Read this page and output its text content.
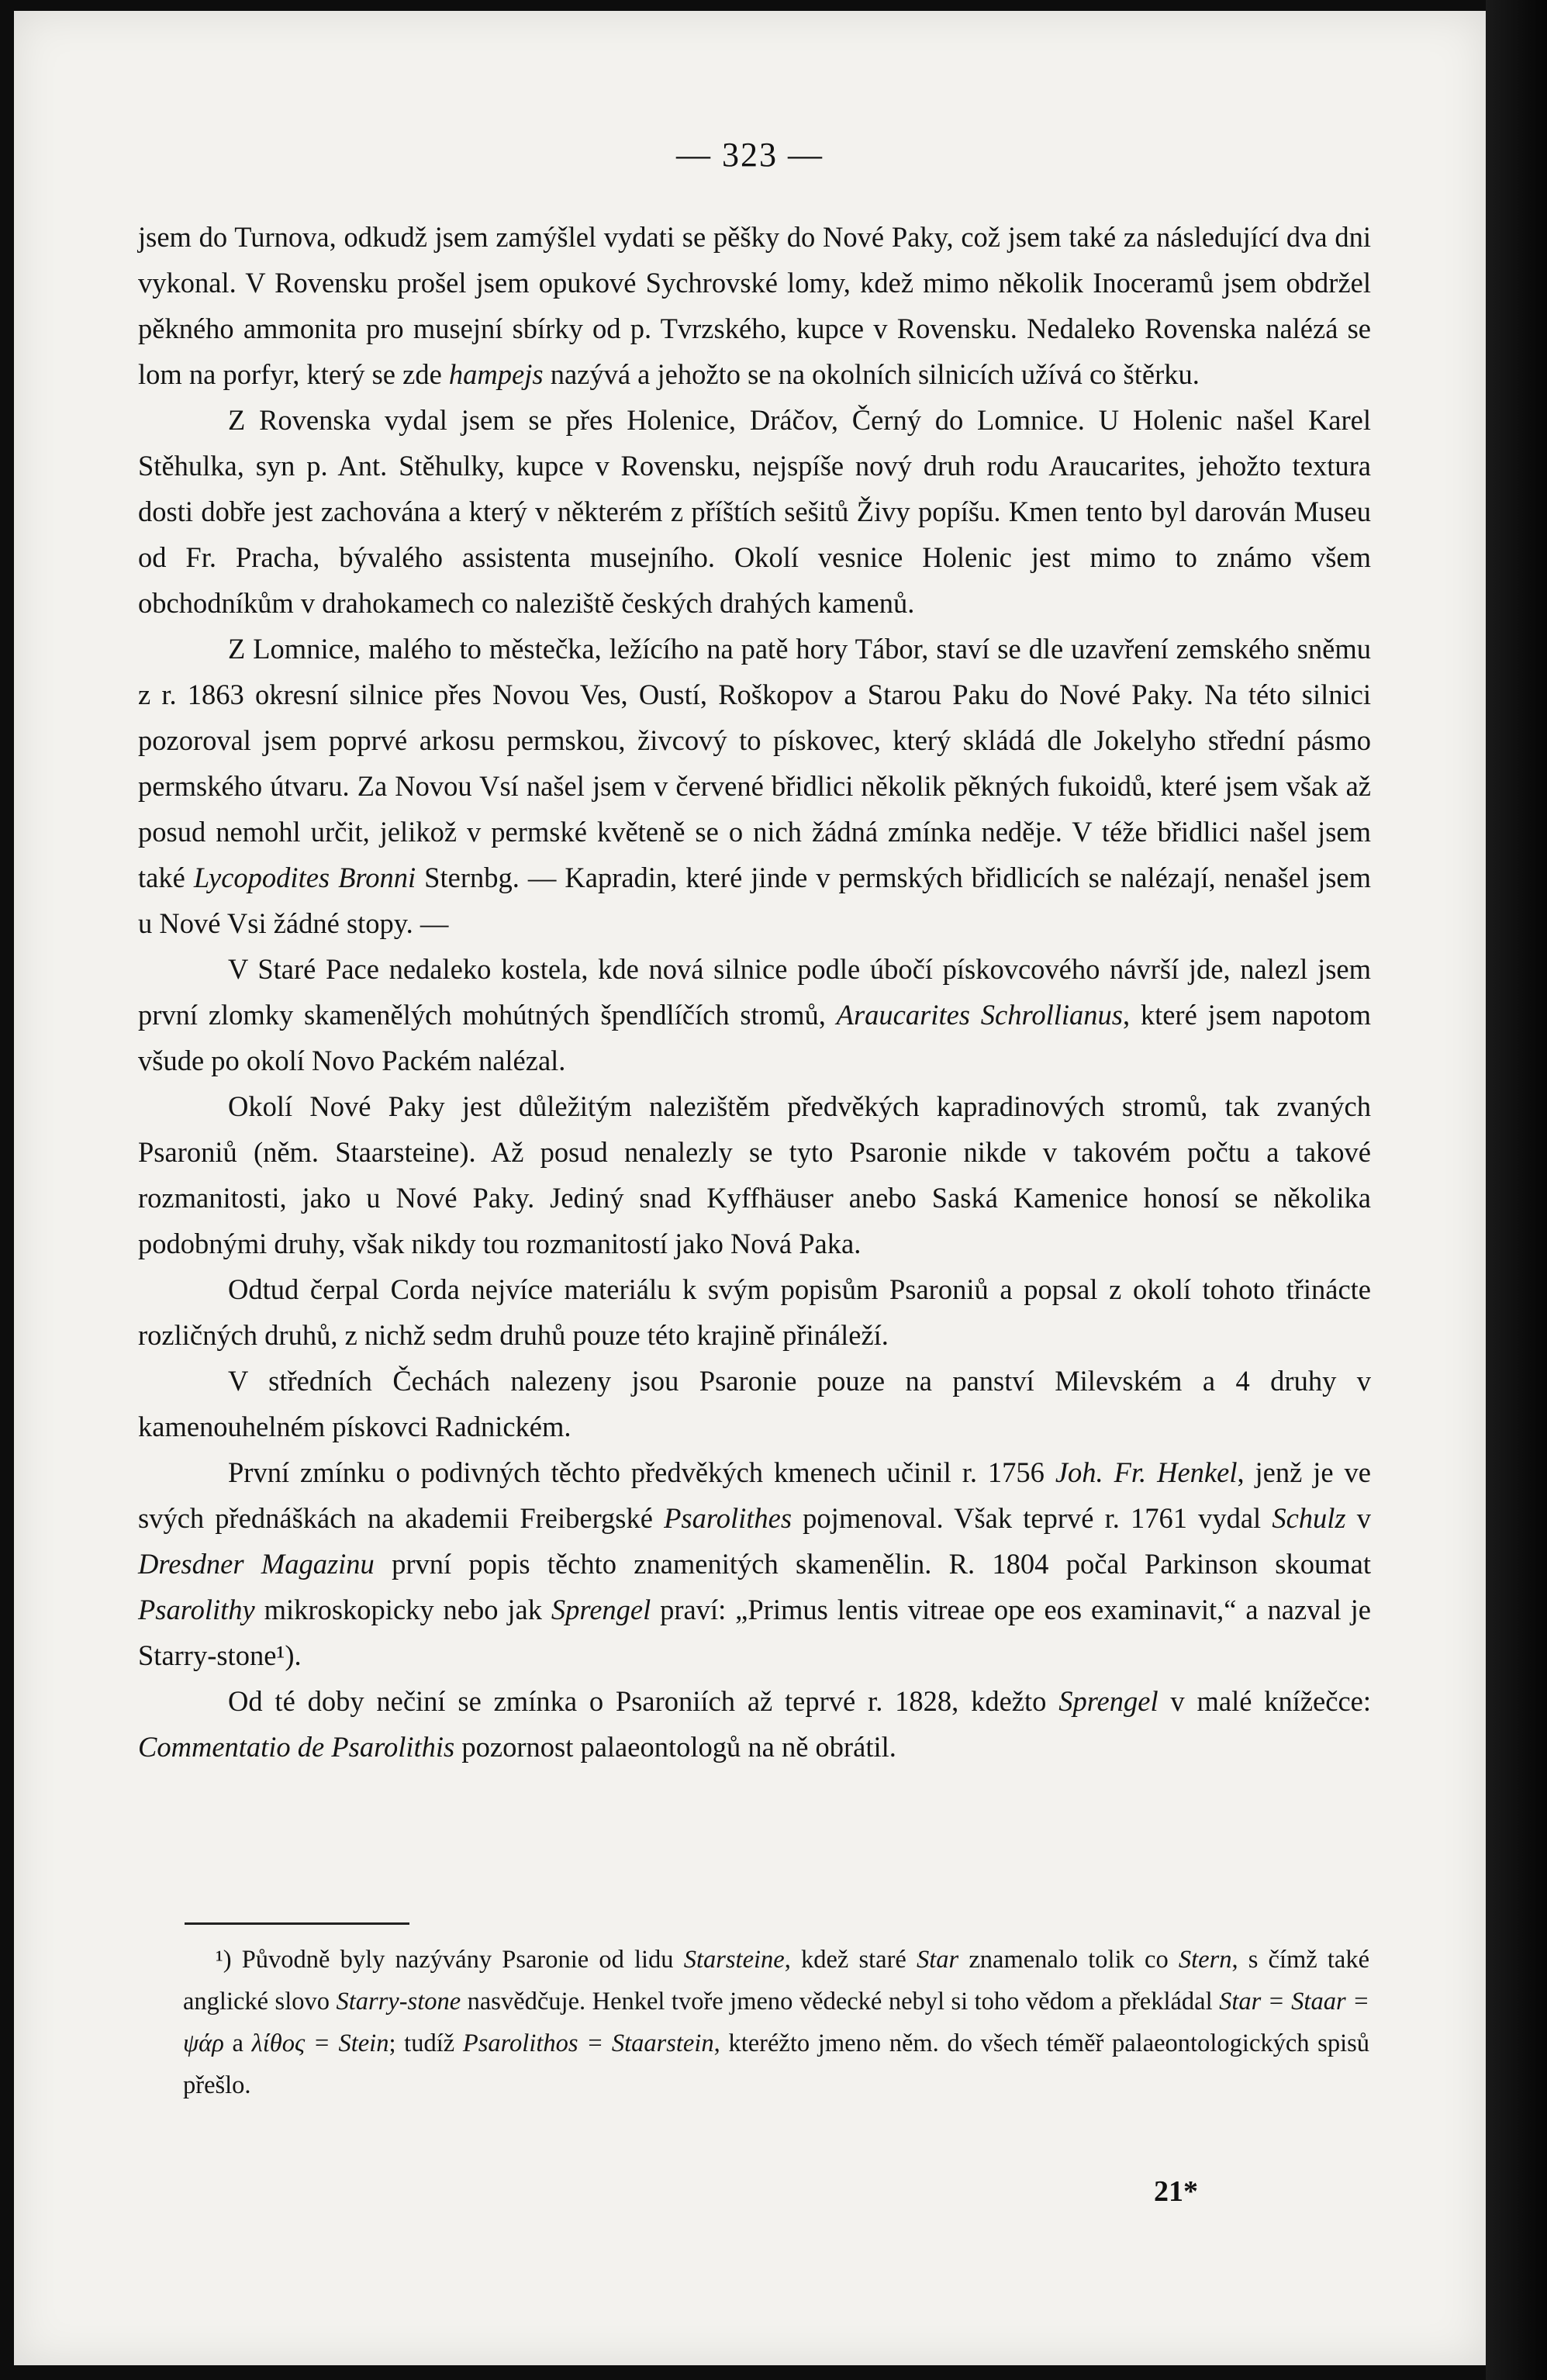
— 323 —

jsem do Turnova, odkudž jsem zamýšlel vydati se pěšky do Nové Paky, což jsem také za následující dva dni vykonal. V Rovensku prošel jsem opukové Sychrovské lomy, kdež mimo několik Inoceramů jsem obdržel pěkného ammonita pro musejní sbírky od p. Tvrzského, kupce v Rovensku. Nedaleko Rovenska nalézá se lom na porfyr, který se zde hampejs nazývá a jehožto se na okolních silnicích užívá co štěrku.

Z Rovenska vydal jsem se přes Holenice, Dráčov, Černý do Lomnice. U Holenic našel Karel Stěhulka, syn p. Ant. Stěhulky, kupce v Rovensku, nejspíše nový druh rodu Araucarites, jehožto textura dosti dobře jest zachována a který v některém z příštích sešitů Živy popíšu. Kmen tento byl darován Museu od Fr. Pracha, bývalého assistenta musejního. Okolí vesnice Holenic jest mimo to známo všem obchodníkům v drahokamech co naleziště českých drahých kamenů.

Z Lomnice, malého to městečka, ležícího na patě hory Tábor, staví se dle uzavření zemského sněmu z r. 1863 okresní silnice přes Novou Ves, Oustí, Roškopov a Starou Paku do Nové Paky. Na této silnici pozoroval jsem poprvé arkosu permskou, živcový to pískovec, který skládá dle Jokelyho střední pásmo permského útvaru. Za Novou Vsí našel jsem v červené břidlici několik pěkných fukoidů, které jsem však až posud nemohl určit, jelikož v permské květeně se o nich žádná zmínka neděje. V téže břidlici našel jsem také Lycopodites Bronni Sternbg. — Kapradin, které jinde v permských břidlicích se nalézají, nenašel jsem u Nové Vsi žádné stopy. —

V Staré Pace nedaleko kostela, kde nová silnice podle úbočí pískovcového návrší jde, nalezl jsem první zlomky skamenělých mohútných špendlíčích stromů, Araucarites Schrollianus, které jsem napotom všude po okolí Novo Packém nalézal.

Okolí Nové Paky jest důležitým nalezištěm předvěkých kapradinových stromů, tak zvaných Psaroniů (něm. Staarsteine). Až posud nenalezly se tyto Psaronie nikde v takovém počtu a takové rozmanitosti, jako u Nové Paky. Jediný snad Kyffhäuser anebo Saská Kamenice honosí se několika podobnými druhy, však nikdy tou rozmanitostí jako Nová Paka.

Odtud čerpal Corda nejvíce materiálu k svým popisům Psaroniů a popsal z okolí tohoto třinácte rozličných druhů, z nichž sedm druhů pouze této krajině přináleží.

V středních Čechách nalezeny jsou Psaronie pouze na panství Milevském a 4 druhy v kamenouhelném pískovci Radnickém.

První zmínku o podivných těchto předvěkých kmenech učinil r. 1756 Joh. Fr. Henkel, jenž je ve svých přednáškách na akademii Freibergské Psarolithes pojmenoval. Však teprvé r. 1761 vydal Schulz v Dresdner Magazinu první popis těchto znamenitých skamenělin. R. 1804 počal Parkinson skoumat Psarolithy mikroskopicky nebo jak Sprengel praví: „Primus lentis vitreae ope eos examinavit,“ a nazval je Starry-stone¹).

Od té doby nečiní se zmínka o Psaroniích až teprvé r. 1828, kdežto Sprengel v malé knížečce: Commentatio de Psarolithis pozornost palaeontologů na ně obrátil.

¹) Původně byly nazývány Psaronie od lidu Starsteine, kdež staré Star znamenalo tolik co Stern, s čímž také anglické slovo Starry-stone nasvědčuje. Henkel tvoře jmeno vědecké nebyl si toho vědom a překládal Star = Staar = ψάρ a λίθος = Stein; tudíž Psarolithos = Staarstein, kteréžto jmeno něm. do všech téměř palaeontologických spisů přešlo.

21*
